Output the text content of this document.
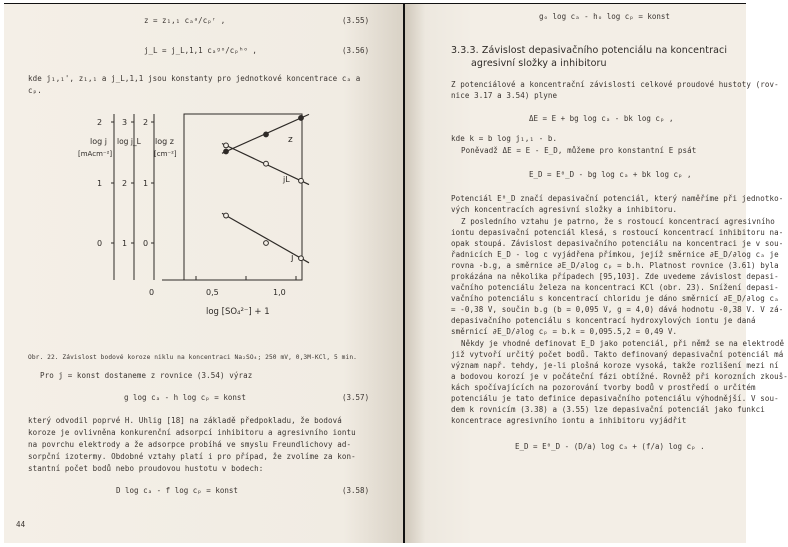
z = z₁,₁ cₐᵃ/cₚʳ ,	(3.55)
j_L = j_L,1,1 cₐᵍᵒ/cₚʰᵒ ,	(3.56)
kde j₁,₁', z₁,₁ a j_L,1,1 jsou konstanty pro jednotkové koncentrace cₐ a
cₚ.
2
1
0
log j
[mAcm⁻²]
3
2
1
log j_L
2
1
0
log z
[cm⁻²]
0	0,5	1,0
log [SO₄²⁻] + 1
z
jL
j
Obr. 22. Závislost bodové koroze niklu na koncentraci Na₂SO₄; 250 mV, 0,3M-KCl, 5 min.
Pro j = konst dostaneme z rovnice (3.54) výraz
g log cₐ - h log cₚ = konst	(3.57)
který odvodil poprvé H. Uhlig [18] na základě předpokladu, že bodová
koroze je ovlivněna konkurenční adsorpcí inhibitoru a agresivního iontu
na povrchu elektrody a že adsorpce probíhá ve smyslu Freundlichovy ad-
sorpční izotermy. Obdobné vztahy platí i pro případ, že zvolíme za kon-
stantní počet bodů nebo proudovou hustotu v bodech:
D log cₐ - f log cₚ = konst	(3.58)
44
gₒ log cₐ - hₒ log cₚ = konst
3.3.3. Závislost depasivačního potenciálu na koncentraci
agresivní složky a inhibitoru
Z potenciálové a koncentrační závislosti celkové proudové hustoty (rov-
nice 3.17 a 3.54) plyne
ΔE = E + bg log cₐ - bk log cₚ ,
kde k = b log j₁,₁ - b.
Poněvadž ΔE = E - E_D, můžeme pro konstantní E psát
E_D = E⁰_D - bg log cₐ + bk log cₚ ,
Potenciál E⁰_D značí depasivační potenciál, který naměříme při jednotko-
vých koncentracích agresivní složky a inhibitoru.
Z posledního vztahu je patrno, že s rostoucí koncentrací agresivního
iontu depasivační potenciál klesá, s rostoucí koncentrací inhibitoru na-
opak stoupá. Závislost depasivačního potenciálu na koncentraci je v sou-
řadnicích E_D - log c vyjádřena přímkou, jejíž směrnice ∂E_D/∂log cₐ je
rovna -b.g, a směrnice ∂E_D/∂log cₚ = b.h. Platnost rovnice (3.61) byla
prokázána na několika případech [95,103]. Zde uvedeme závislost depasi-
vačního potenciálu železa na koncentraci KCl (obr. 23). Snížení depasi-
vačního potenciálu s koncentrací chloridu je dáno směrnicí ∂E_D/∂log cₐ
= -0,38 V, součin b.g (b = 0,095 V, g = 4,0) dává hodnotu -0,38 V. V zá-
depasivačního potenciálu s koncentrací hydroxylových iontu je daná
směrnicí ∂E_D/∂log cₚ = b.k = 0,095.5,2 = 0,49 V.
Někdy je vhodné definovat E_D jako potenciál, při němž se na elektrodě
již vytvoří určitý počet bodů. Takto definovaný depasivační potenciál má
význam např. tehdy, je-li plošná koroze vysoká, takže rozlišení mezi ní
a bodovou korozí je v počáteční fázi obtížné. Rovněž při korozních zkouš-
kách spočívajících na pozorování tvorby bodů v prostředí o určitém
potenciálu je tato definice depasivačního potenciálu výhodnější. V sou-
dem k rovnicím (3.38) a (3.55) lze depasivační potenciál jako funkci
koncentrace agresivního iontu a inhibitoru vyjádřit
E_D = E⁰_D - (D/a) log cₐ + (f/a) log cₚ .
